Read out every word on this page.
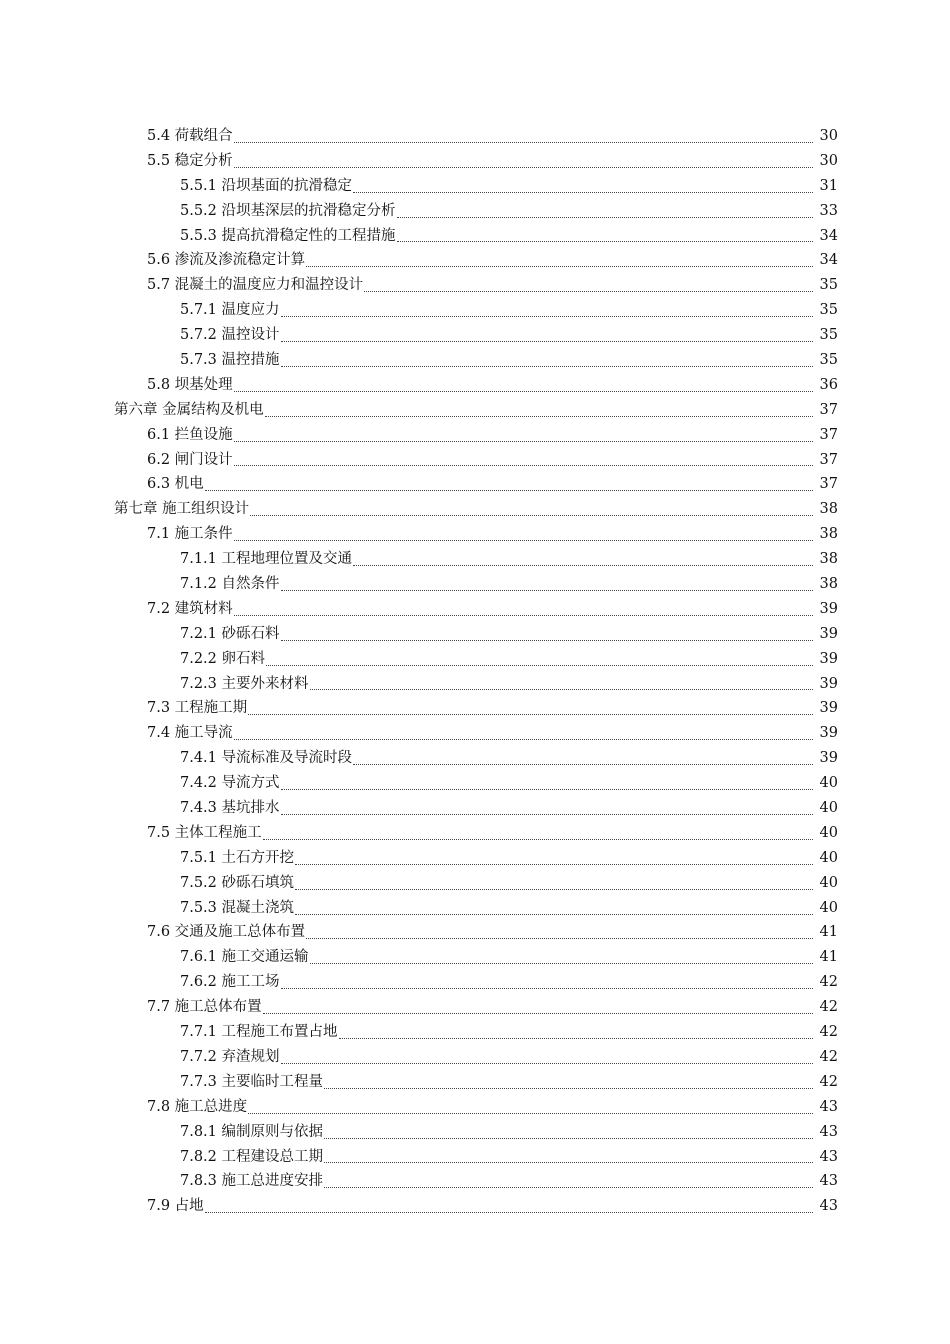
5.4 荷载组合	30
5.5 稳定分析	30
5.5.1 沿坝基面的抗滑稳定	31
5.5.2 沿坝基深层的抗滑稳定分析	33
5.5.3 提高抗滑稳定性的工程措施	34
5.6 渗流及渗流稳定计算	34
5.7 混凝土的温度应力和温控设计	35
5.7.1 温度应力	35
5.7.2 温控设计	35
5.7.3 温控措施	35
5.8 坝基处理	36
第六章 金属结构及机电	37
6.1 拦鱼设施	37
6.2 闸门设计	37
6.3 机电	37
第七章 施工组织设计	38
7.1 施工条件	38
7.1.1 工程地理位置及交通	38
7.1.2 自然条件	38
7.2 建筑材料	39
7.2.1 砂砾石料	39
7.2.2 卵石料	39
7.2.3 主要外来材料	39
7.3 工程施工期	39
7.4 施工导流	39
7.4.1 导流标准及导流时段	39
7.4.2 导流方式	40
7.4.3 基坑排水	40
7.5 主体工程施工	40
7.5.1 土石方开挖	40
7.5.2 砂砾石填筑	40
7.5.3 混凝土浇筑	40
7.6 交通及施工总体布置	41
7.6.1 施工交通运输	41
7.6.2 施工工场	42
7.7 施工总体布置	42
7.7.1 工程施工布置占地	42
7.7.2 弃渣规划	42
7.7.3 主要临时工程量	42
7.8 施工总进度	43
7.8.1 编制原则与依据	43
7.8.2 工程建设总工期	43
7.8.3 施工总进度安排	43
7.9 占地	43
